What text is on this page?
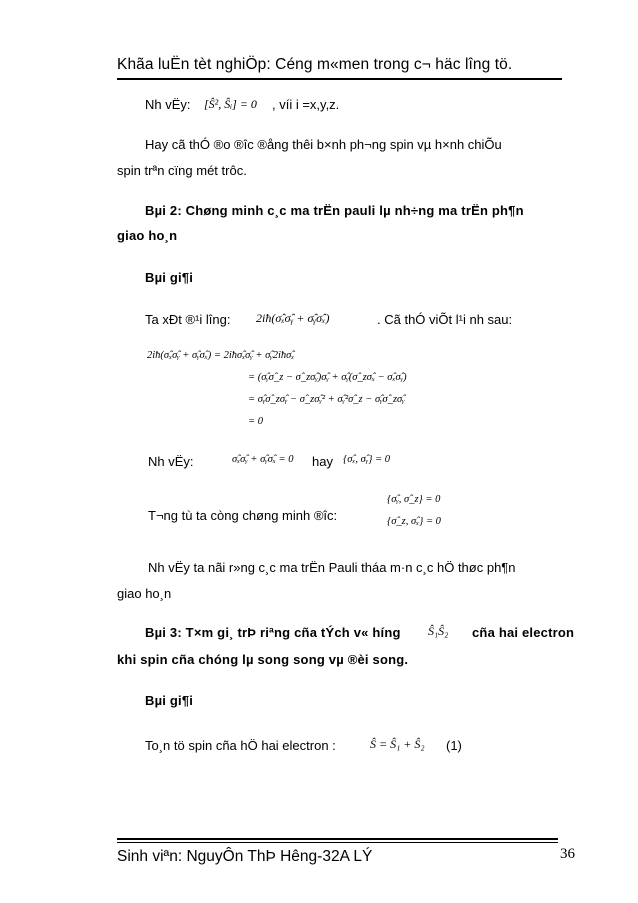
Khãa luËn tèt nghiÖp: Céng m«men trong c¬ häc lîng tö.
Nh vËy: [Ŝ², Ŝᵢ] = 0 , víi i =x,y,z.
Hay cã thÓ ®o ®îc ®ång thêi b×nh ph¬ng spin vµ h×nh chiÕu
spin trªn cïng mét trôc.
Bµi 2: Chøng minh c¸c ma trËn pauli lµ nh÷ng ma trËn ph¶n
giao ho¸n
Bµi gi¶i
Ta xÐt ®¹i lîng: 2iħ(σ̂ₓσ̂ᵧ + σ̂ᵧσ̂ₓ)	. Cã thÓ viÕt l¹i nh sau:
2iħ(σ̂ₓσ̂ᵧ + σ̂ᵧσ̂ₓ) = 2iħσ̂ₓσ̂ᵧ + σ̂ᵧ2iħσ̂ₓ
= (σ̂ᵧσ̂_z − σ̂_zσ̂ᵧ)σ̂ᵧ + σ̂ᵧ(σ̂_zσ̂ₓ − σ̂ₓσ̂ᵧ)
= σ̂ᵧσ̂_zσ̂ᵧ − σ̂_zσ̂ᵧ² + σ̂ᵧ²σ̂_z − σ̂ᵧσ̂_zσ̂ᵧ
= 0
Nh vËy:	σ̂ₓσ̂ᵧ + σ̂ᵧσ̂ₓ = 0 hay {σ̂ₓ, σ̂ᵧ} = 0
T¬ng tù ta còng chøng minh ®îc:
{σ̂ᵧ, σ̂_z} = 0
{σ̂_z, σ̂ₓ} = 0
Nh vËy ta nãi r»ng c¸c ma trËn Pauli tháa m·n c¸c hÖ thøc ph¶n
giao ho¸n
Bµi 3: T×m gi¸ trÞ riªng cña tÝch v« híng Ŝ₁Ŝ₂ cña hai electron
khi spin cña chóng lµ song song vµ ®èi song.
Bµi gi¶i
To¸n tö spin cña hÖ hai electron :	Ŝ = Ŝ₁ + Ŝ₂ (1)
Sinh viªn: NguyÔn ThÞ Hêng-32A LÝ	36
